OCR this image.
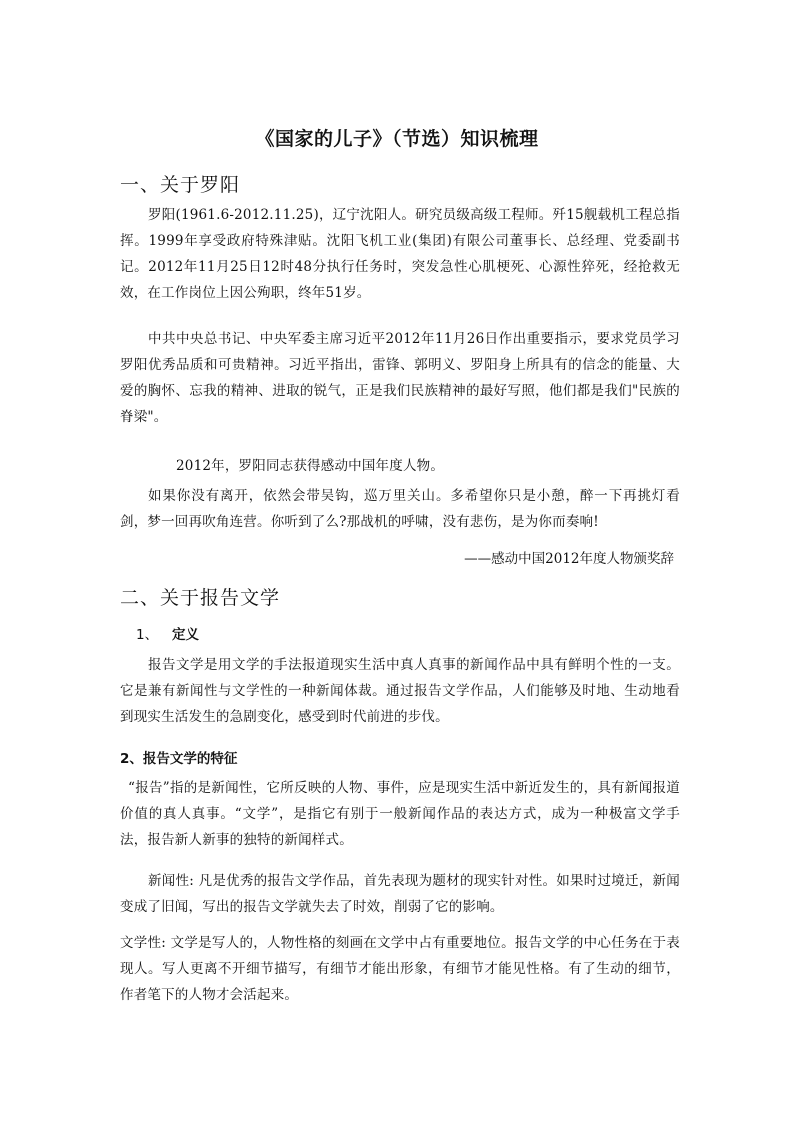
《国家的儿子》（节选）知识梳理
一、关于罗阳

罗阳(1961.6-2012.11.25)，辽宁沈阳人。研究员级高级工程师。歼15舰载机工程总指挥。1999年享受政府特殊津贴。沈阳飞机工业(集团)有限公司董事长、总经理、党委副书记。2012年11月25日12时48分执行任务时，突发急性心肌梗死、心源性猝死，经抢救无效，在工作岗位上因公殉职，终年51岁。

中共中央总书记、中央军委主席习近平2012年11月26日作出重要指示，要求党员学习罗阳优秀品质和可贵精神。习近平指出，雷锋、郭明义、罗阳身上所具有的信念的能量、大爱的胸怀、忘我的精神、进取的锐气，正是我们民族精神的最好写照，他们都是我们"民族的脊梁"。

2012年，罗阳同志获得感动中国年度人物。

如果你没有离开，依然会带吴钩，巡万里关山。多希望你只是小憩，醉一下再挑灯看剑，梦一回再吹角连营。你听到了么?那战机的呼啸，没有悲伤，是为你而奏响!

——感动中国2012年度人物颁奖辞
二、关于报告文学
1、 定义

报告文学是用文学的手法报道现实生活中真人真事的新闻作品中具有鲜明个性的一支。它是兼有新闻性与文学性的一种新闻体裁。通过报告文学作品，人们能够及时地、生动地看到现实生活发生的急剧变化，感受到时代前进的步伐。

2、报告文学的特征

“报告”指的是新闻性，它所反映的人物、事件，应是现实生活中新近发生的，具有新闻报道价值的真人真事。“文学”，是指它有别于一般新闻作品的表达方式，成为一种极富文学手法，报告新人新事的独特的新闻样式。

新闻性: 凡是优秀的报告文学作品，首先表现为题材的现实针对性。如果时过境迁，新闻变成了旧闻，写出的报告文学就失去了时效，削弱了它的影响。

文学性: 文学是写人的，人物性格的刻画在文学中占有重要地位。报告文学的中心任务在于表现人。写人更离不开细节描写，有细节才能出形象，有细节才能见性格。有了生动的细节，作者笔下的人物才会活起来。
